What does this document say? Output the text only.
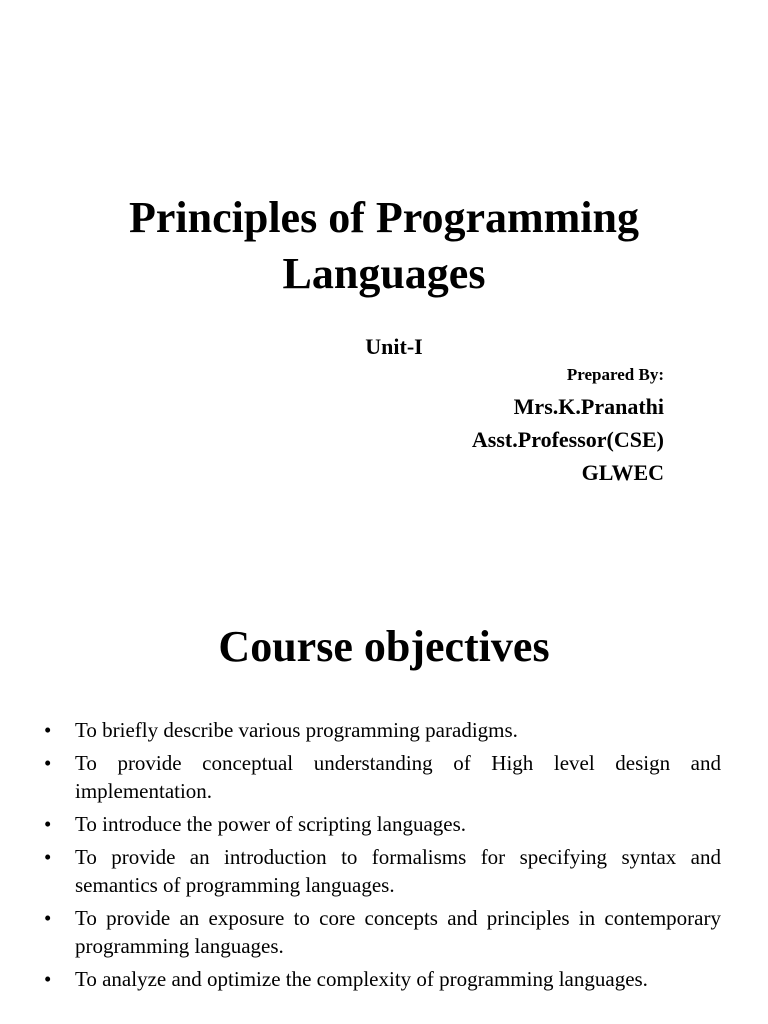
Principles of Programming
Languages
Unit-I
Prepared By:
Mrs.K.Pranathi
Asst.Professor(CSE)
GLWEC
Course objectives
•	To briefly describe various programming paradigms.
•	To provide conceptual understanding of High level design and implementation.
•	To introduce the power of scripting languages.
•	To provide an introduction to formalisms for specifying syntax and semantics of programming languages.
•	To provide an exposure to core concepts and principles in contemporary programming languages.
•	To analyze and optimize the complexity of programming languages.
